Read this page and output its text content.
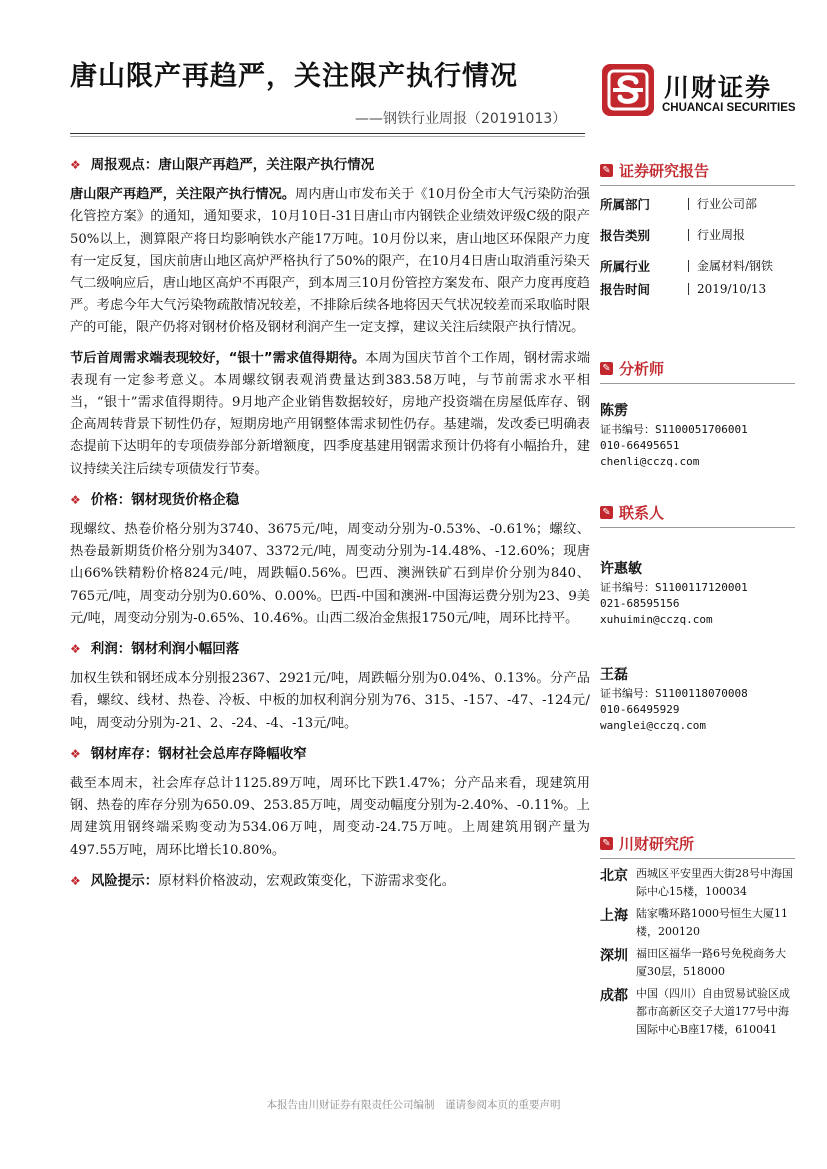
唐山限产再趋严，关注限产执行情况
——钢铁行业周报（20191013）
川财证券
CHUANCAI SECURITIES
❖ 周报观点：唐山限产再趋严，关注限产执行情况

唐山限产再趋严，关注限产执行情况。周内唐山市发布关于《10月份全市大气污染防治强化管控方案》的通知，通知要求，10月10日-31日唐山市内钢铁企业绩效评级C级的限产50%以上，测算限产将日均影响铁水产能17万吨。10月份以来，唐山地区环保限产力度有一定反复，国庆前唐山地区高炉严格执行了50%的限产，在10月4日唐山取消重污染天气二级响应后，唐山地区高炉不再限产，到本周三10月份管控方案发布、限产力度再度趋严。考虑今年大气污染物疏散情况较差，不排除后续各地将因天气状况较差而采取临时限产的可能，限产仍将对钢材价格及钢材利润产生一定支撑，建议关注后续限产执行情况。

节后首周需求端表现较好，“银十”需求值得期待。本周为国庆节首个工作周，钢材需求端表现有一定参考意义。本周螺纹钢表观消费量达到383.58万吨，与节前需求水平相当，“银十”需求值得期待。9月地产企业销售数据较好，房地产投资端在房屋低库存、钢企高周转背景下韧性仍存，短期房地产用钢整体需求韧性仍存。基建端，发改委已明确表态提前下达明年的专项债券部分新增额度，四季度基建用钢需求预计仍将有小幅抬升，建议持续关注后续专项债发行节奏。

❖ 价格：钢材现货价格企稳

现螺纹、热卷价格分别为3740、3675元/吨，周变动分别为-0.53%、-0.61%；螺纹、热卷最新期货价格分别为3407、3372元/吨，周变动分别为-14.48%、-12.60%；现唐山66%铁精粉价格824元/吨，周跌幅0.56%。巴西、澳洲铁矿石到岸价分别为840、765元/吨，周变动分别为0.60%、0.00%。巴西-中国和澳洲-中国海运费分别为23、9美元/吨，周变动分别为-0.65%、10.46%。山西二级冶金焦报1750元/吨，周环比持平。

❖ 利润：钢材利润小幅回落

加权生铁和钢坯成本分别报2367、2921元/吨，周跌幅分别为0.04%、0.13%。分产品看，螺纹、线材、热卷、冷板、中板的加权利润分别为76、315、-157、-47、-124元/吨，周变动分别为-21、2、-24、-4、-13元/吨。

❖ 钢材库存：钢材社会总库存降幅收窄

截至本周末，社会库存总计1125.89万吨，周环比下跌1.47%；分产品来看，现建筑用钢、热卷的库存分别为650.09、253.85万吨，周变动幅度分别为-2.40%、-0.11%。上周建筑用钢终端采购变动为534.06万吨，周变动-24.75万吨。上周建筑用钢产量为497.55万吨，周环比增长10.80%。

❖ 风险提示： 原材料价格波动，宏观政策变化，下游需求变化。
✎ 证券研究报告
所属部门	行业公司部
报告类别	行业周报
所属行业	金属材料/钢铁
报告时间	2019/10/13
✎ 分析师
陈雳
证书编号：S1100051706001
010-66495651
chenli@cczq.com
✎ 联系人
许惠敏
证书编号：S1100117120001
021-68595156
xuhuimin@cczq.com
王磊
证书编号：S1100118070008
010-66495929
wanglei@cczq.com
✎ 川财研究所
北京 西城区平安里西大街28号中海国际中心15楼，100034
上海 陆家嘴环路1000号恒生大厦11楼，200120
深圳 福田区福华一路6号免税商务大厦30层，518000
成都 中国（四川）自由贸易试验区成都市高新区交子大道177号中海国际中心B座17楼，610041
本报告由川财证券有限责任公司编制　谨请参阅本页的重要声明
